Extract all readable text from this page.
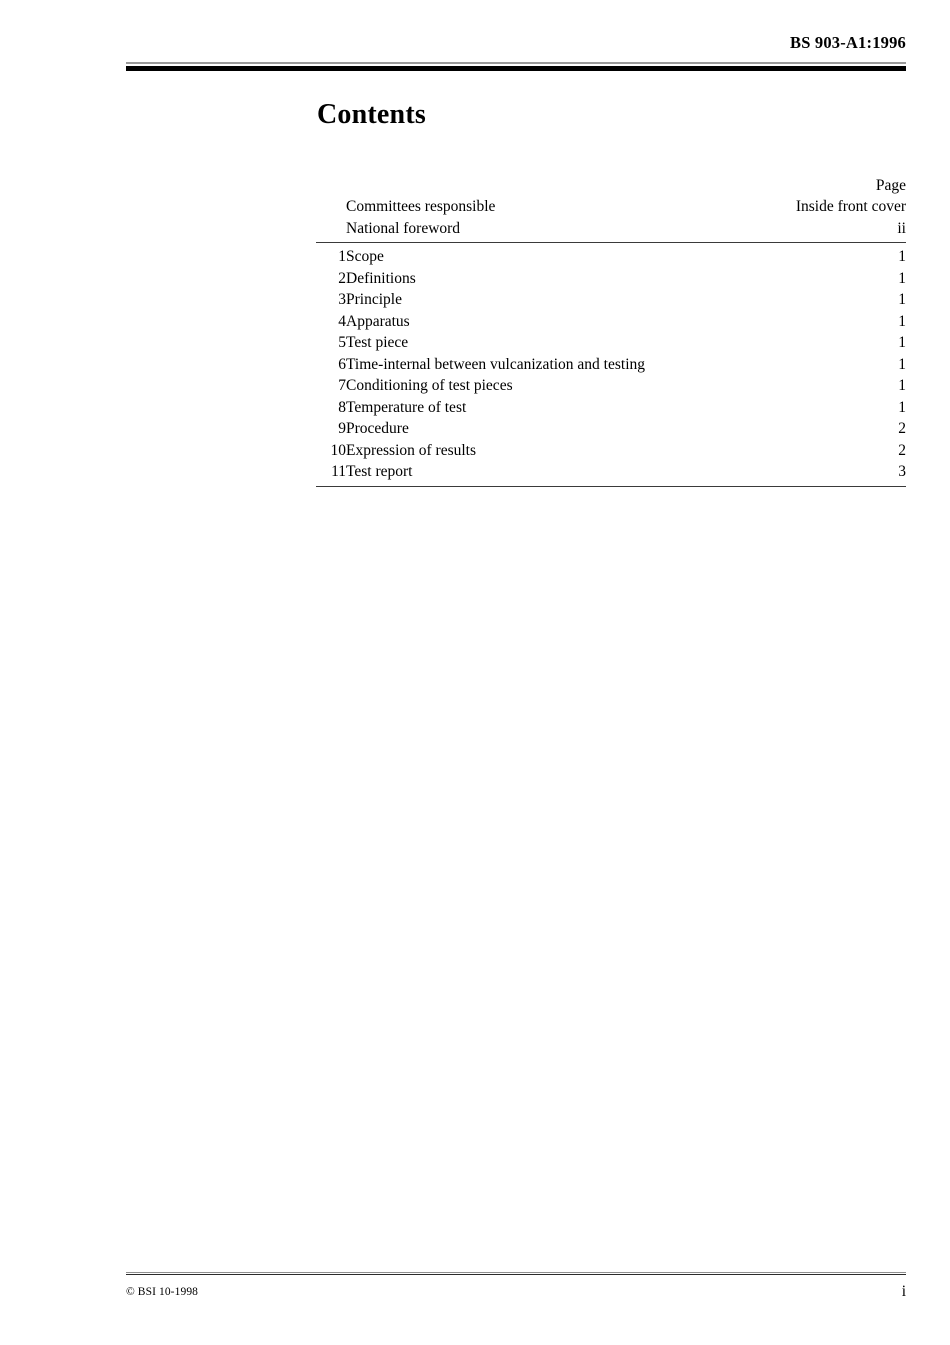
BS 903-A1:1996
Contents
		Page
	Committees responsible	Inside front cover
	National foreword	ii

1	Scope	1
2	Definitions	1
3	Principle	1
4	Apparatus	1
5	Test piece	1
6	Time-internal between vulcanization and testing	1
7	Conditioning of test pieces	1
8	Temperature of test	1
9	Procedure	2
10	Expression of results	2
11	Test report	3

© BSI 10-1998	i
